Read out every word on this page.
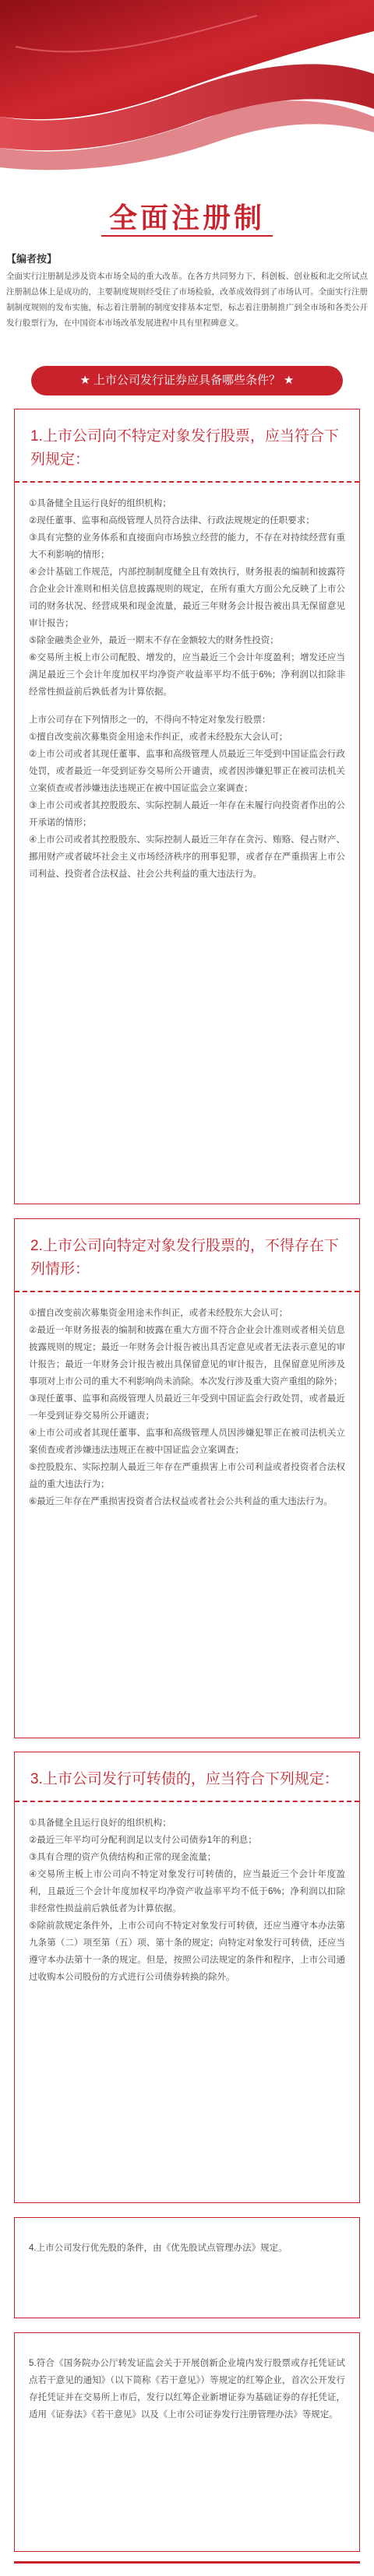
全面注册制
【编者按】

全面实行注册制是涉及资本市场全局的重大改革。在各方共同努力下，科创板、创业板和北交所试点注册制总体上是成功的，主要制度规则经受住了市场检验，改革成效得到了市场认可。全面实行注册制制度规则的发布实施，标志着注册制的制度安排基本定型，标志着注册制推广到全市场和各类公开发行股票行为，在中国资本市场改革发展进程中具有里程碑意义。

★ 上市公司发行证券应具备哪些条件？ ★
1.上市公司向不特定对象发行股票，应当符合下列规定：

①具备健全且运行良好的组织机构；

②现任董事、监事和高级管理人员符合法律、行政法规规定的任职要求；

③具有完整的业务体系和直接面向市场独立经营的能力，不存在对持续经营有重大不利影响的情形；

④会计基础工作规范，内部控制制度健全且有效执行，财务报表的编制和披露符合企业会计准则和相关信息披露规则的规定，在所有重大方面公允反映了上市公司的财务状况、经营成果和现金流量，最近三年财务会计报告被出具无保留意见审计报告；

⑤除金融类企业外，最近一期末不存在金额较大的财务性投资；

⑥交易所主板上市公司配股、增发的，应当最近三个会计年度盈利；增发还应当满足最近三个会计年度加权平均净资产收益率平均不低于6%；净利润以扣除非经常性损益前后孰低者为计算依据。

上市公司存在下列情形之一的，不得向不特定对象发行股票：

①擅自改变前次募集资金用途未作纠正，或者未经股东大会认可；

②上市公司或者其现任董事、监事和高级管理人员最近三年受到中国证监会行政处罚，或者最近一年受到证券交易所公开谴责，或者因涉嫌犯罪正在被司法机关立案侦查或者涉嫌违法违规正在被中国证监会立案调查；

③上市公司或者其控股股东、实际控制人最近一年存在未履行向投资者作出的公开承诺的情形；

④上市公司或者其控股股东、实际控制人最近三年存在贪污、贿赂、侵占财产、挪用财产或者破坏社会主义市场经济秩序的刑事犯罪，或者存在严重损害上市公司利益、投资者合法权益、社会公共利益的重大违法行为。

2.上市公司向特定对象发行股票的，不得存在下列情形：

①擅自改变前次募集资金用途未作纠正，或者未经股东大会认可；

②最近一年财务报表的编制和披露在重大方面不符合企业会计准则或者相关信息披露规则的规定；最近一年财务会计报告被出具否定意见或者无法表示意见的审计报告；最近一年财务会计报告被出具保留意见的审计报告，且保留意见所涉及事项对上市公司的重大不利影响尚未消除。本次发行涉及重大资产重组的除外；

③现任董事、监事和高级管理人员最近三年受到中国证监会行政处罚，或者最近一年受到证券交易所公开谴责；

④上市公司或者其现任董事、监事和高级管理人员因涉嫌犯罪正在被司法机关立案侦查或者涉嫌违法违规正在被中国证监会立案调查；

⑤控股股东、实际控制人最近三年存在严重损害上市公司利益或者投资者合法权益的重大违法行为；

⑥最近三年存在严重损害投资者合法权益或者社会公共利益的重大违法行为。

3.上市公司发行可转债的，应当符合下列规定：

①具备健全且运行良好的组织机构；

②最近三年平均可分配利润足以支付公司债券1年的利息；

③具有合理的资产负债结构和正常的现金流量；

④交易所主板上市公司向不特定对象发行可转债的，应当最近三个会计年度盈利，且最近三个会计年度加权平均净资产收益率平均不低于6%；净利润以扣除非经常性损益前后孰低者为计算依据。

⑤除前款规定条件外，上市公司向不特定对象发行可转债，还应当遵守本办法第九条第（二）项至第（五）项、第十条的规定；向特定对象发行可转债，还应当遵守本办法第十一条的规定。但是，按照公司法规定的条件和程序，上市公司通过收购本公司股份的方式进行公司债券转换的除外。

4.上市公司发行优先股的条件，由《优先股试点管理办法》规定。

5.符合《国务院办公厅转发证监会关于开展创新企业境内发行股票或存托凭证试点若干意见的通知》（以下简称《若干意见》）等规定的红筹企业，首次公开发行存托凭证并在交易所上市后，发行以红筹企业新增证券为基础证券的存托凭证，适用《证券法》《若干意见》以及《上市公司证券发行注册管理办法》等规定。
